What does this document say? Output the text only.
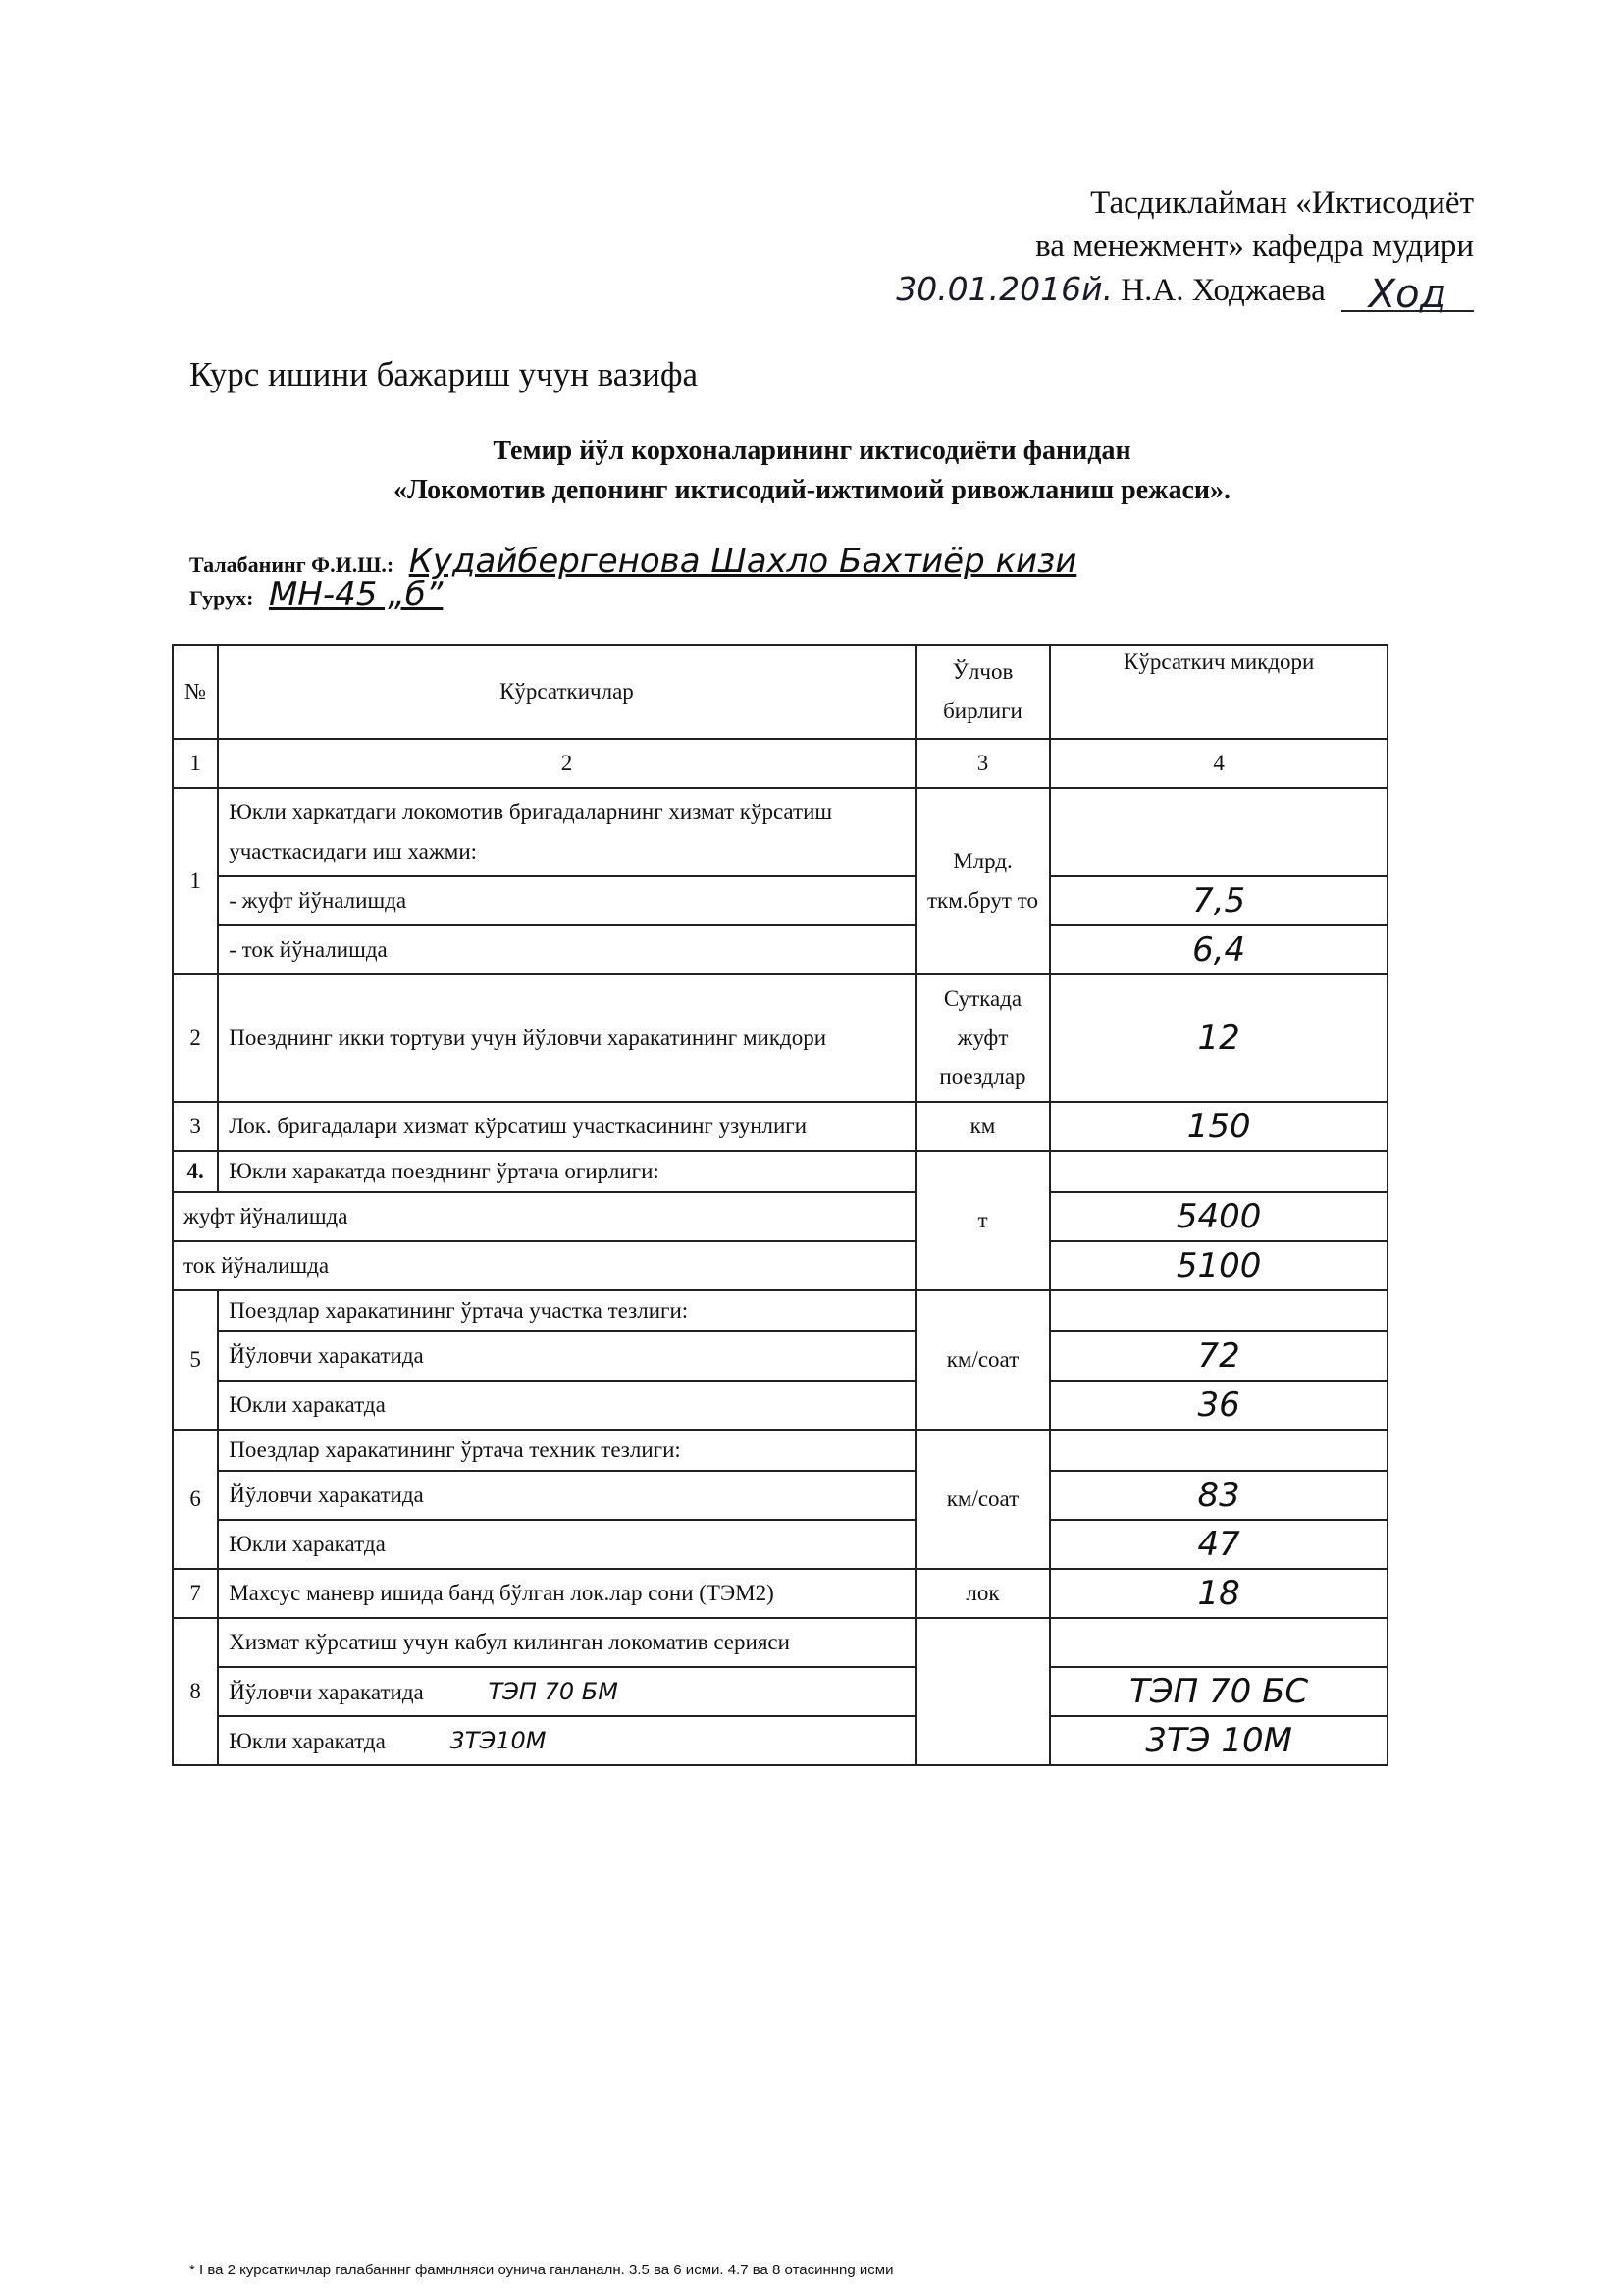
Тасдиклайман «Иктисодиёт
ва менежмент» кафедра мудири
30.01.2016й. Н.А. Ходжаева Ход
Курс ишини бажариш учун вазифа
Темир йўл корхоналарининг иктисодиёти фанидан
«Локомотив депонинг иктисодий-ижтимоий ривожланиш режаси».
Талабанинг Ф.И.Ш.: Кудайбергенова Шахло Бахтиёр кизи
Гурух: МН-45 „б”
№	Кўрсаткичлар	Ўлчов бирлиги	Кўрсаткич микдори
1	2	3	4
1	Юкли харкатдаги локомотив бригадаларнинг хизмат кўрсатиш участкасидаги иш хажми:	Млрд. ткм.брут то	
	- жуфт йўналишда		7,5
	- ток йўналишда		6,4
2	Поезднинг икки тортуви учун йўловчи харакатининг микдори	Суткада жуфт поездлар	12
3	Лок. бригадалари хизмат кўрсатиш участкасининг узунлиги	км	150
4.	Юкли харакатда поезднинг ўртача огирлиги:	т	
жуфт йўналишда			5400
ток йўналишда			5100
5	Поездлар харакатининг ўртача участка тезлиги:	км/соат	
	Йўловчи харакатида		72
	Юкли харакатда		36
6	Поездлар харакатининг ўртача техник тезлиги:	км/соат	
	Йўловчи харакатида		83
	Юкли харакатда		47
7	Махсус маневр ишида банд бўлган лок.лар сони (ТЭМ2)	лок	18
8	Хизмат кўрсатиш учун кабул килинган локоматив серияси		
	Йўловчи харакатида ТЭП 70 БМ		ТЭП 70 БС
	Юкли харакатда 3ТЭ10М		3ТЭ 10М
* I ва 2 курсаткичлар галабанннг фамнлняси оунича ганланалн. 3.5 ва 6 исми. 4.7 ва 8 отасиннng исми
